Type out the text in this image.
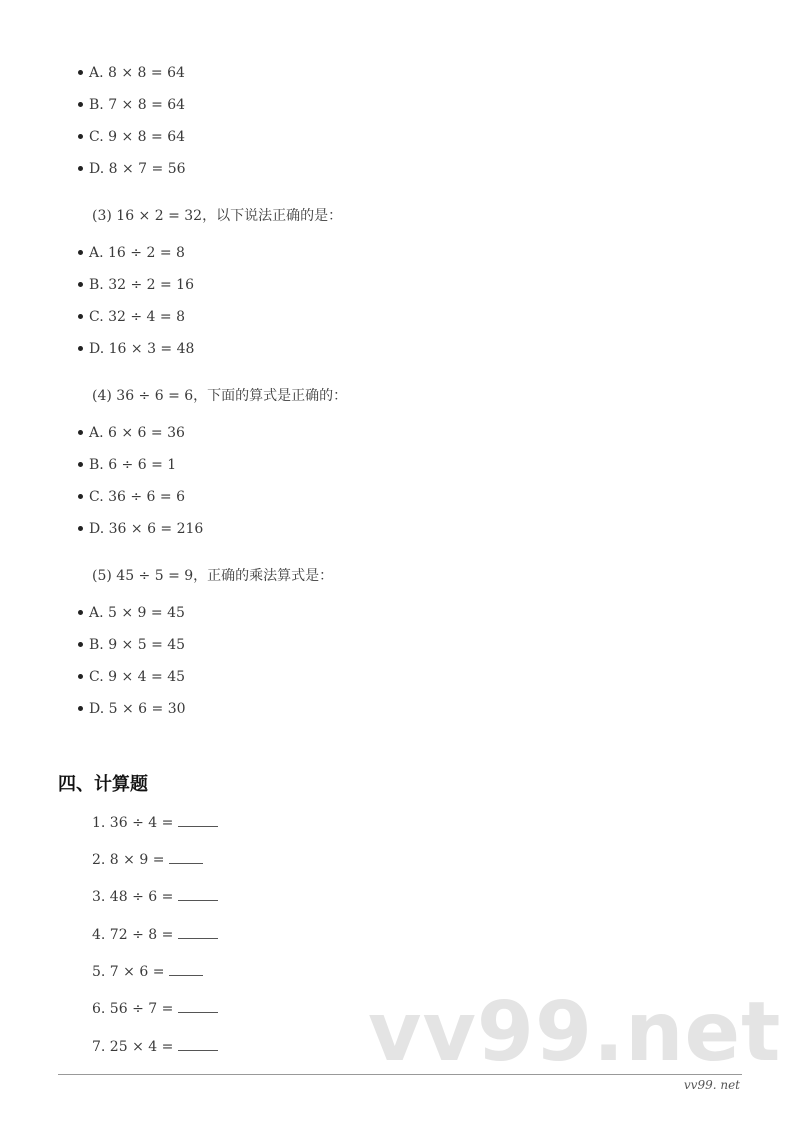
A. 8 × 8 = 64
B. 7 × 8 = 64
C. 9 × 8 = 64
D. 8 × 7 = 56
(3) 16 × 2 = 32，以下说法正确的是：
A. 16 ÷ 2 = 8
B. 32 ÷ 2 = 16
C. 32 ÷ 4 = 8
D. 16 × 3 = 48
(4) 36 ÷ 6 = 6，下面的算式是正确的：
A. 6 × 6 = 36
B. 6 ÷ 6 = 1
C. 36 ÷ 6 = 6
D. 36 × 6 = 216
(5) 45 ÷ 5 = 9，正确的乘法算式是：
A. 5 × 9 = 45
B. 9 × 5 = 45
C. 9 × 4 = 45
D. 5 × 6 = 30
四、计算题
1. 36 ÷ 4 =
2. 8 × 9 =
3. 48 ÷ 6 =
4. 72 ÷ 8 =
5. 7 × 6 =
6. 56 ÷ 7 =
7. 25 × 4 =	vv99.net
vv99. net
